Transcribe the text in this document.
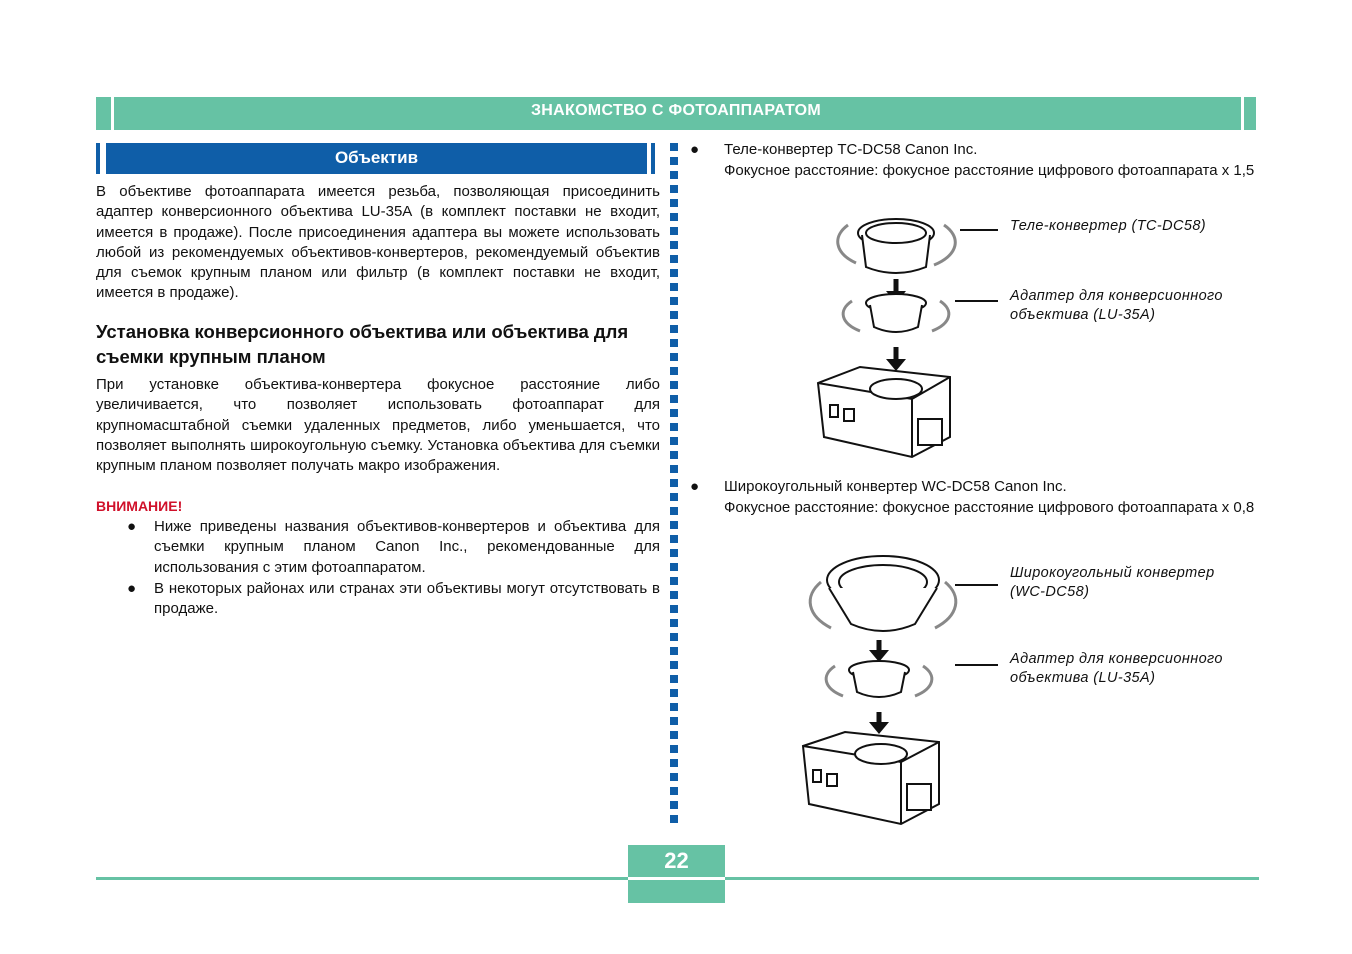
ЗНАКОМСТВО С ФОТОАППАРАТОМ
Объектив

В объективе фотоаппарата имеется резьба, позволяющая присоединить адаптер конверсионного объектива LU-35A (в комплект поставки не входит, имеется в продаже). После присоединения адаптера вы можете использовать любой из рекомендуемых объективов-конвертеров, рекомендуемый объектив для съемок крупным планом или фильтр (в комплект поставки не входит, имеется в продаже).

Установка конверсионного объектива или объектива для съемки крупным планом

При установке объектива-конвертера фокусное расстояние либо увеличивается, что позволяет использовать фотоаппарат для крупномасштабной съемки удаленных предметов, либо уменьшается, что позволяет выполнять широкоугольную съемку. Установка объектива для съемки крупным планом позволяет получать макро изображения.

ВНИМАНИЕ!
● Ниже приведены названия объективов-конвертеров и объектива для съемки крупным планом Canon Inc., рекомендованные для использования с этим фотоаппаратом.
● В некоторых районах или странах эти объективы могут отсутствовать в продаже.
● Теле-конвертер TC-DC58 Canon Inc.
Фокусное расстояние: фокусное расстояние цифрового фотоаппарата x 1,5
Теле-конвертер (TC-DC58)
Адаптер для конверсионного
объектива (LU-35A)
● Широкоугольный конвертер WC-DC58 Canon Inc.
Фокусное расстояние: фокусное расстояние цифрового фотоаппарата x 0,8
Широкоугольный конвертер
(WC-DC58)
Адаптер для конверсионного
объектива (LU-35A)
22
